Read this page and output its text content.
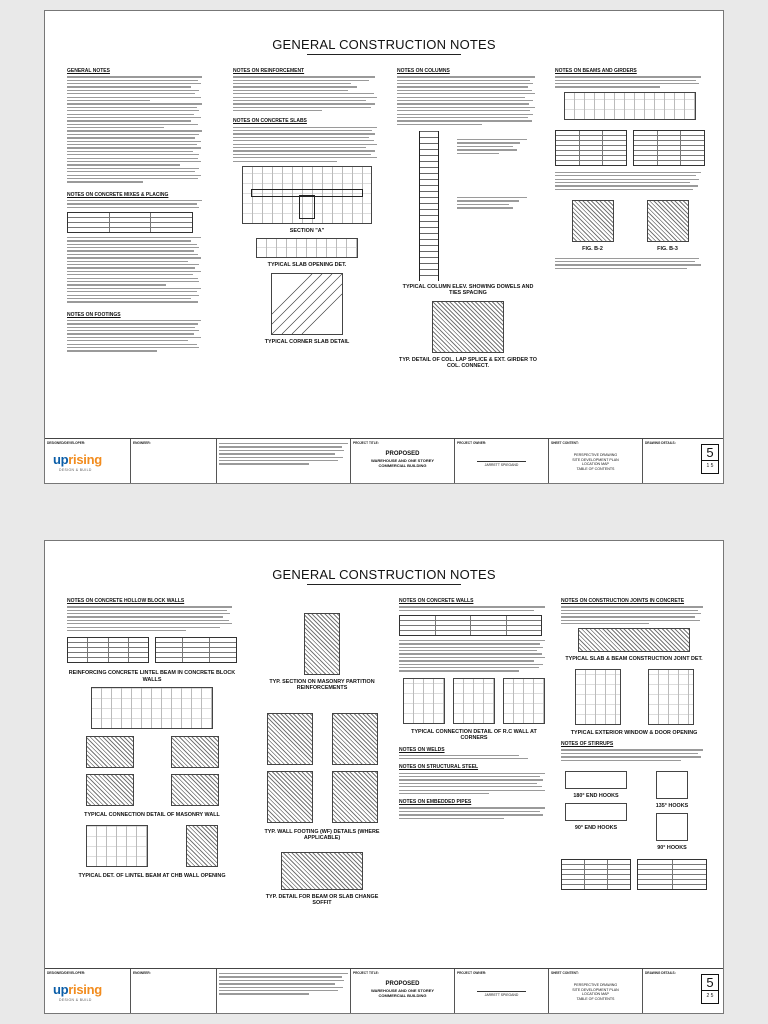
GENERAL CONSTRUCTION NOTES
GENERAL NOTES
NOTES ON CONCRETE MIXES & PLACING
NOTES ON FOOTINGS
NOTES ON REINFORCEMENT
NOTES ON CONCRETE SLABS
SECTION "A"
TYPICAL SLAB OPENING DET.
TYPICAL CORNER SLAB DETAIL
NOTES ON COLUMNS
TYPICAL COLUMN ELEV. SHOWING DOWELS AND TIES SPACING
TYP. DETAIL OF COL. LAP SPLICE & EXT. GIRDER TO COL. CONNECT.
NOTES ON BEAMS AND GIRDERS
FIG. B-2	FIG. B-3
DESIGNED/DEVELOPER:
uprising
DESIGN & BUILD
ENGINEER:	PROJECT TITLE:
PROPOSED
WAREHOUSE AND ONE STOREY
COMMERCIAL BUILDING
PROJECT OWNER:
JARRETT SPIEGAND
SHEET CONTENT:
PERSPECTIVE DRAWING
SITE DEVELOPMENT PLAN
LOCATION MAP
TABLE OF CONTENTS
DRAWING DETAILS:
5
1 5
GENERAL CONSTRUCTION NOTES
NOTES ON CONCRETE HOLLOW BLOCK WALLS
REINFORCING CONCRETE LINTEL BEAM IN CONCRETE BLOCK WALLS
TYPICAL CONNECTION DETAIL OF MASONRY WALL
TYPICAL DET. OF LINTEL BEAM AT CHB WALL OPENING
TYP. SECTION ON MASONRY PARTITION REINFORCEMENTS
TYP. WALL FOOTING (WF) DETAILS (WHERE APPLICABLE)
TYP. DETAIL FOR BEAM OR SLAB CHANGE SOFFIT
NOTES ON CONCRETE WALLS
TYPICAL CONNECTION DETAIL OF R.C WALL AT CORNERS
NOTES ON WELDS
NOTES ON STRUCTURAL STEEL
NOTES ON EMBEDDED PIPES
NOTES ON CONSTRUCTION JOINTS IN CONCRETE
TYPICAL SLAB & BEAM CONSTRUCTION JOINT DET.
TYPICAL EXTERIOR WINDOW & DOOR OPENING
NOTES OF STIRRUPS
180° END HOOKS
90° END HOOKS
135° HOOKS
90° HOOKS
DESIGNED/DEVELOPER:
uprising
DESIGN & BUILD
ENGINEER:	PROJECT TITLE:
PROPOSED
WAREHOUSE AND ONE STOREY
COMMERCIAL BUILDING
PROJECT OWNER:
JARRETT SPIEGAND
SHEET CONTENT:
PERSPECTIVE DRAWING
SITE DEVELOPMENT PLAN
LOCATION MAP
TABLE OF CONTENTS
DRAWING DETAILS:
5
2 5
